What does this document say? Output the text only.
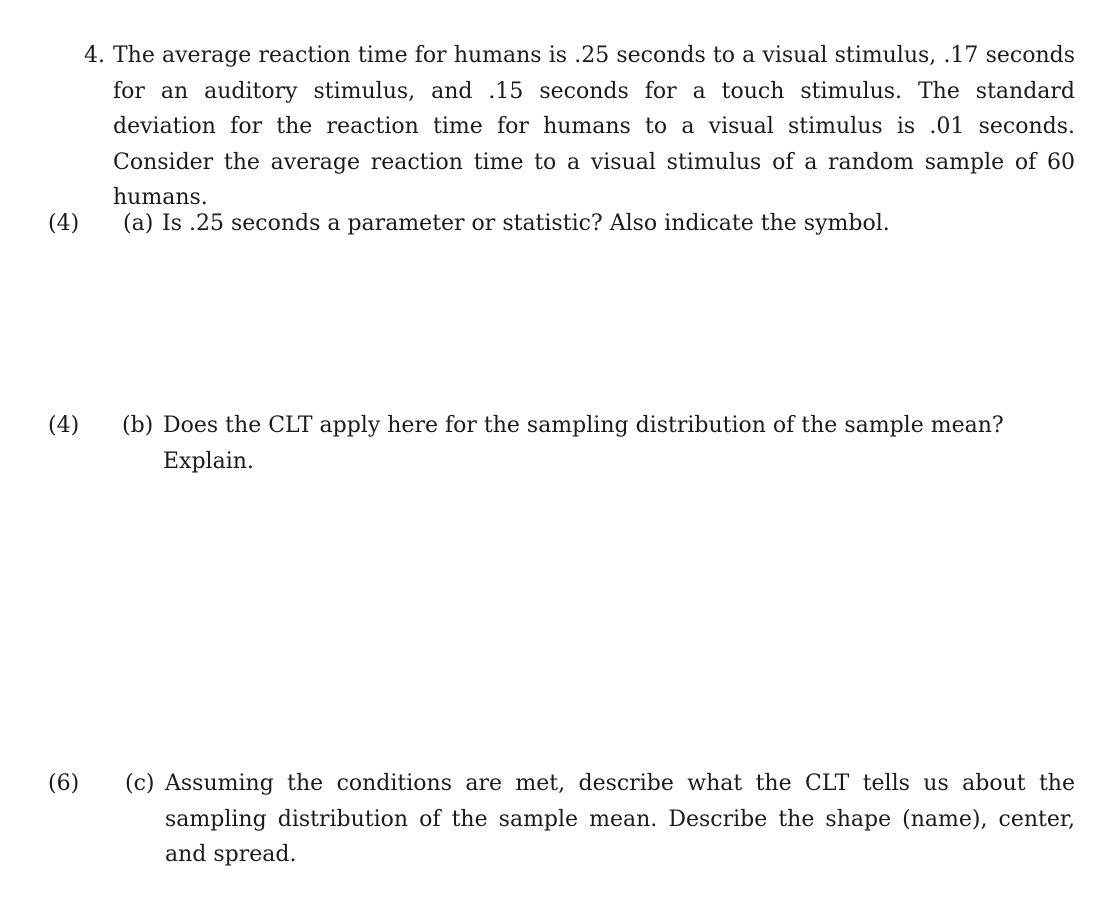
4. The average reaction time for humans is .25 seconds to a visual stimulus, .17 seconds for an auditory stimulus, and .15 seconds for a touch stimulus. The standard deviation for the reaction time for humans to a visual stimulus is .01 seconds. Consider the average reaction time to a visual stimulus of a random sample of 60 humans.
(4) (a) Is .25 seconds a parameter or statistic? Also indicate the symbol.
(4) (b) Does the CLT apply here for the sampling distribution of the sample mean? Explain.
(6) (c) Assuming the conditions are met, describe what the CLT tells us about the sampling distribution of the sample mean. Describe the shape (name), center, and spread.
